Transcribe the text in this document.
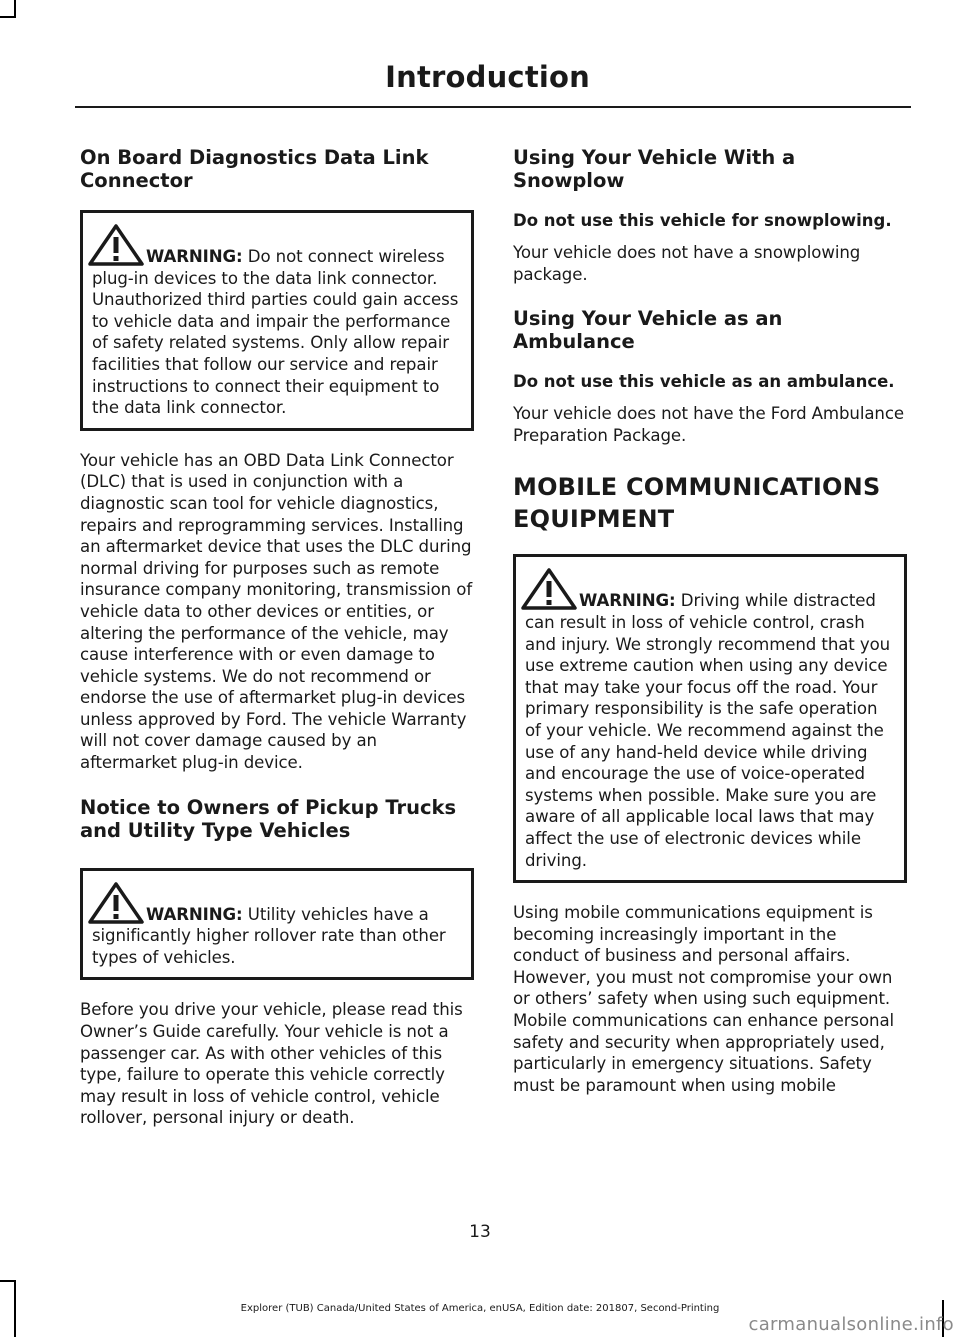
Introduction
On Board Diagnostics Data Link Connector
WARNING: Do not connect wireless plug-in devices to the data link connector. Unauthorized third parties could gain access to vehicle data and impair the performance of safety related systems. Only allow repair facilities that follow our service and repair instructions to connect their equipment to the data link connector.

Your vehicle has an OBD Data Link Connector (DLC) that is used in conjunction with a diagnostic scan tool for vehicle diagnostics, repairs and reprogramming services. Installing an aftermarket device that uses the DLC during normal driving for purposes such as remote insurance company monitoring, transmission of vehicle data to other devices or entities, or altering the performance of the vehicle, may cause interference with or even damage to vehicle systems. We do not recommend or endorse the use of aftermarket plug-in devices unless approved by Ford. The vehicle Warranty will not cover damage caused by an aftermarket plug-in device.

Notice to Owners of Pickup Trucks and Utility Type Vehicles
WARNING: Utility vehicles have a significantly higher rollover rate than other types of vehicles.

Before you drive your vehicle, please read this Owner’s Guide carefully. Your vehicle is not a passenger car. As with other vehicles of this type, failure to operate this vehicle correctly may result in loss of vehicle control, vehicle rollover, personal injury or death.

Using Your Vehicle With a Snowplow
Do not use this vehicle for snowplowing.

Your vehicle does not have a snowplowing package.

Using Your Vehicle as an Ambulance
Do not use this vehicle as an ambulance.

Your vehicle does not have the Ford Ambulance Preparation Package.

MOBILE COMMUNICATIONS
EQUIPMENT
WARNING: Driving while distracted can result in loss of vehicle control, crash and injury. We strongly recommend that you use extreme caution when using any device that may take your focus off the road. Your primary responsibility is the safe operation of your vehicle. We recommend against the use of any hand-held device while driving and encourage the use of voice-operated systems when possible. Make sure you are aware of all applicable local laws that may affect the use of electronic devices while driving.

Using mobile communications equipment is becoming increasingly important in the conduct of business and personal affairs. However, you must not compromise your own or others’ safety when using such equipment. Mobile communications can enhance personal safety and security when appropriately used, particularly in emergency situations. Safety must be paramount when using mobile

13
Explorer (TUB) Canada/United States of America, enUSA, Edition date: 201807, Second-Printing
carmanualsonline.info
